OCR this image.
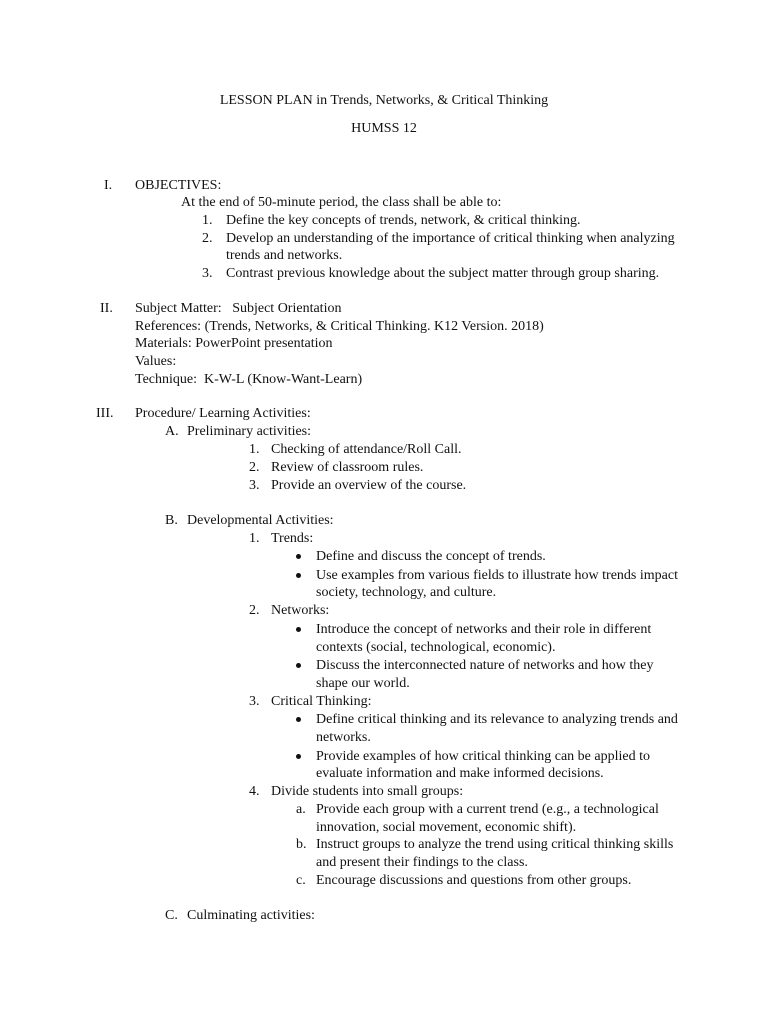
LESSON PLAN in Trends, Networks, & Critical Thinking
HUMSS 12
I. OBJECTIVES:
At the end of 50-minute period, the class shall be able to:
1. Define the key concepts of trends, network, & critical thinking.
2. Develop an understanding of the importance of critical thinking when analyzing
trends and networks.
3. Contrast previous knowledge about the subject matter through group sharing.
II. Subject Matter:   Subject Orientation
References: (Trends, Networks, & Critical Thinking. K12 Version. 2018)
Materials: PowerPoint presentation
Values:
Technique:  K-W-L (Know-Want-Learn)
III. Procedure/ Learning Activities:
A. Preliminary activities:
1. Checking of attendance/Roll Call.
2. Review of classroom rules.
3. Provide an overview of the course.
B. Developmental Activities:
1. Trends:
Define and discuss the concept of trends.
Use examples from various fields to illustrate how trends impact
society, technology, and culture.
2. Networks:
Introduce the concept of networks and their role in different
contexts (social, technological, economic).
Discuss the interconnected nature of networks and how they
shape our world.
3. Critical Thinking:
Define critical thinking and its relevance to analyzing trends and
networks.
Provide examples of how critical thinking can be applied to
evaluate information and make informed decisions.
4. Divide students into small groups:
a. Provide each group with a current trend (e.g., a technological
innovation, social movement, economic shift).
b. Instruct groups to analyze the trend using critical thinking skills
and present their findings to the class.
c. Encourage discussions and questions from other groups.
C. Culminating activities:
